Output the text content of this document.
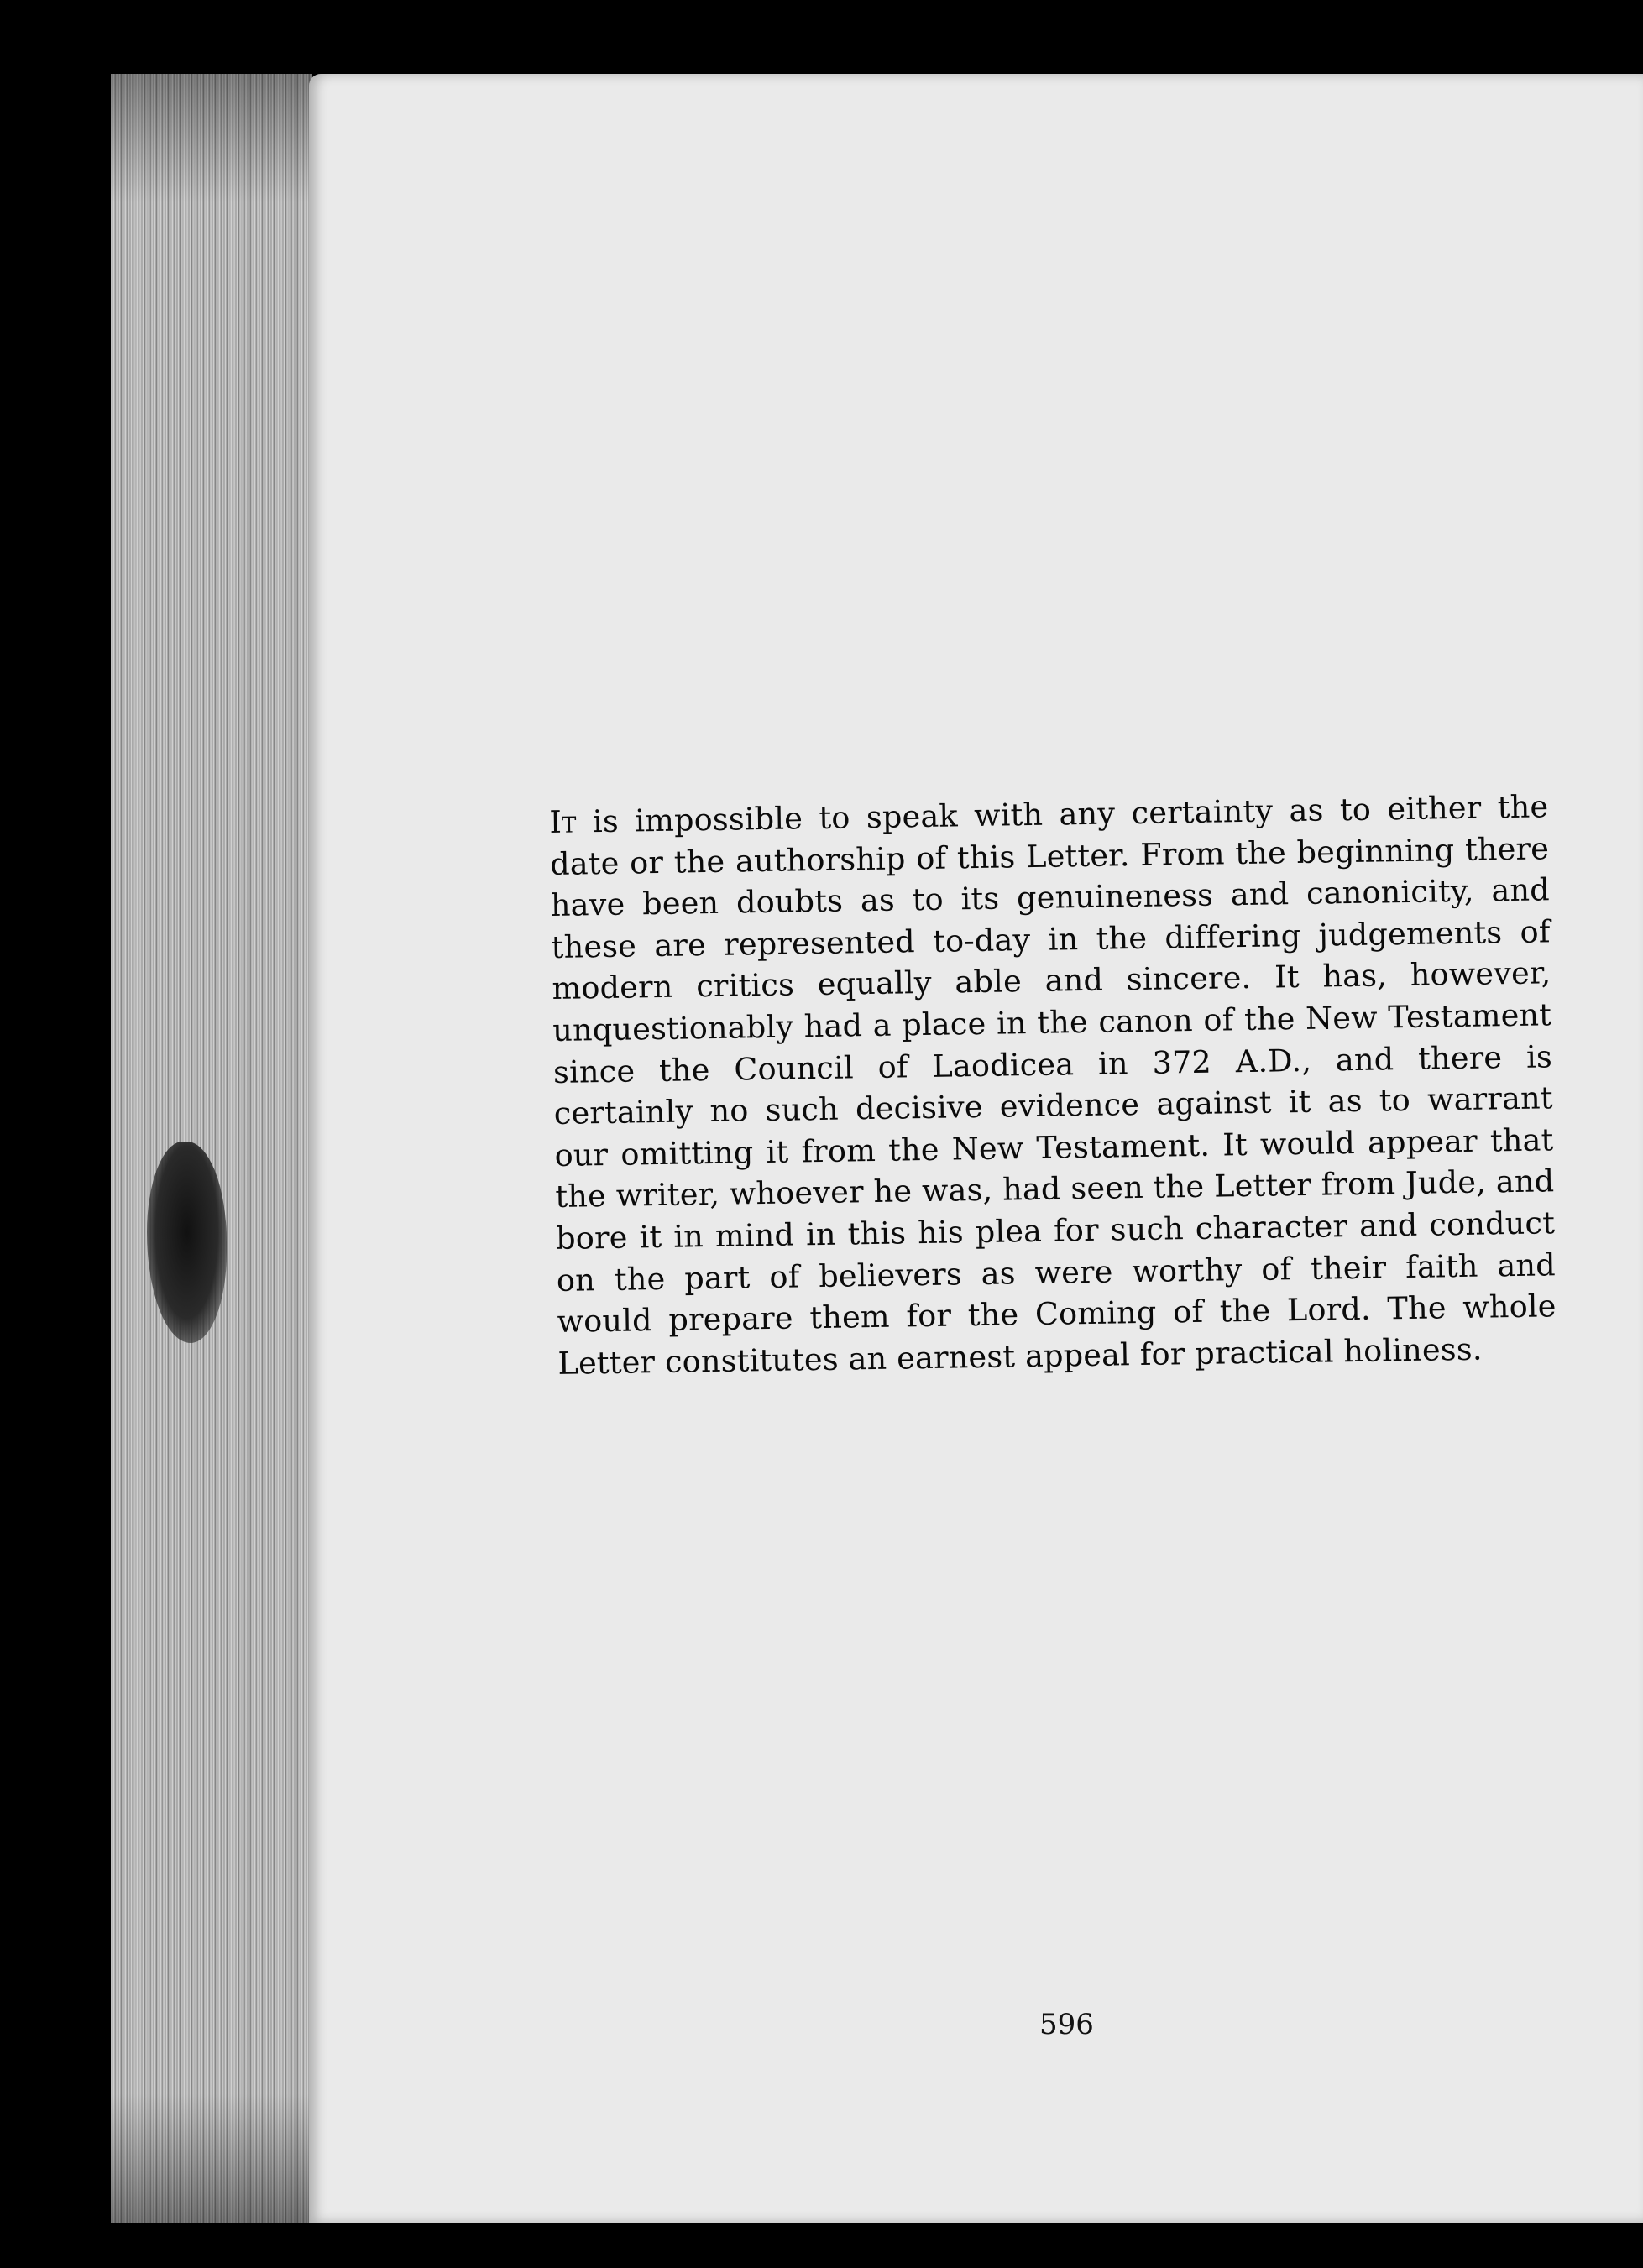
It is impossible to speak with any certainty as to either the date or the authorship of this Letter. From the beginning there have been doubts as to its genuineness and canonicity, and these are represented to-day in the differing judgements of modern critics equally able and sincere. It has, however, unquestionably had a place in the canon of the New Testament since the Council of Laodicea in 372 A.D., and there is certainly no such decisive evidence against it as to warrant our omitting it from the New Testament. It would appear that the writer, whoever he was, had seen the Letter from Jude, and bore it in mind in this his plea for such character and conduct on the part of believers as were worthy of their faith and would prepare them for the Coming of the Lord. The whole Letter constitutes an earnest appeal for practical holiness.

596
